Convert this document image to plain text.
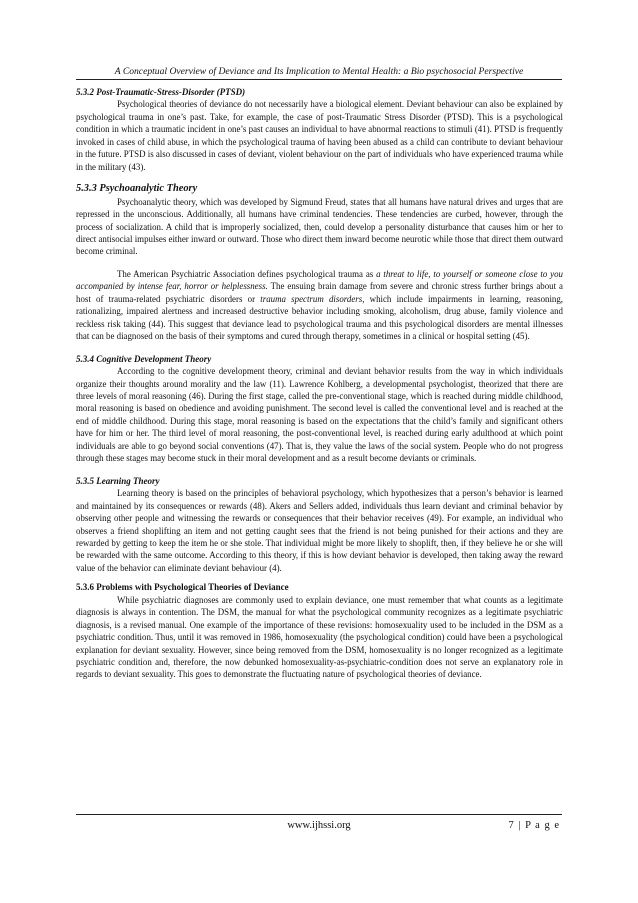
A Conceptual Overview of Deviance and Its Implication to Mental Health: a Bio psychosocial Perspective

5.3.2 Post-Traumatic-Stress-Disorder (PTSD)

Psychological theories of deviance do not necessarily have a biological element. Deviant behaviour can also be explained by psychological trauma in one’s past. Take, for example, the case of post-Traumatic Stress Disorder (PTSD). This is a psychological condition in which a traumatic incident in one’s past causes an individual to have abnormal reactions to stimuli (41). PTSD is frequently invoked in cases of child abuse, in which the psychological trauma of having been abused as a child can contribute to deviant behaviour in the future. PTSD is also discussed in cases of deviant, violent behaviour on the part of individuals who have experienced trauma while in the military (43).

5.3.3 Psychoanalytic Theory

Psychoanalytic theory, which was developed by Sigmund Freud, states that all humans have natural drives and urges that are repressed in the unconscious. Additionally, all humans have criminal tendencies. These tendencies are curbed, however, through the process of socialization. A child that is improperly socialized, then, could develop a personality disturbance that causes him or her to direct antisocial impulses either inward or outward. Those who direct them inward become neurotic while those that direct them outward become criminal.

The American Psychiatric Association defines psychological trauma as a threat to life, to yourself or someone close to you accompanied by intense fear, horror or helplessness. The ensuing brain damage from severe and chronic stress further brings about a host of trauma-related psychiatric disorders or trauma spectrum disorders, which include impairments in learning, reasoning, rationalizing, impaired alertness and increased destructive behavior including smoking, alcoholism, drug abuse, family violence and reckless risk taking (44). This suggest that deviance lead to psychological trauma and this psychological disorders are mental illnesses that can be diagnosed on the basis of their symptoms and cured through therapy, sometimes in a clinical or hospital setting (45).

5.3.4 Cognitive Development Theory

According to the cognitive development theory, criminal and deviant behavior results from the way in which individuals organize their thoughts around morality and the law (11). Lawrence Kohlberg, a developmental psychologist, theorized that there are three levels of moral reasoning (46). During the first stage, called the pre-conventional stage, which is reached during middle childhood, moral reasoning is based on obedience and avoiding punishment. The second level is called the conventional level and is reached at the end of middle childhood. During this stage, moral reasoning is based on the expectations that the child’s family and significant others have for him or her. The third level of moral reasoning, the post-conventional level, is reached during early adulthood at which point individuals are able to go beyond social conventions (47). That is, they value the laws of the social system. People who do not progress through these stages may become stuck in their moral development and as a result become deviants or criminals.

5.3.5 Learning Theory

Learning theory is based on the principles of behavioral psychology, which hypothesizes that a person’s behavior is learned and maintained by its consequences or rewards (48). Akers and Sellers added, individuals thus learn deviant and criminal behavior by observing other people and witnessing the rewards or consequences that their behavior receives (49). For example, an individual who observes a friend shoplifting an item and not getting caught sees that the friend is not being punished for their actions and they are rewarded by getting to keep the item he or she stole. That individual might be more likely to shoplift, then, if they believe he or she will be rewarded with the same outcome. According to this theory, if this is how deviant behavior is developed, then taking away the reward value of the behavior can eliminate deviant behaviour (4).

5.3.6 Problems with Psychological Theories of Deviance

While psychiatric diagnoses are commonly used to explain deviance, one must remember that what counts as a legitimate diagnosis is always in contention. The DSM, the manual for what the psychological community recognizes as a legitimate psychiatric diagnosis, is a revised manual. One example of the importance of these revisions: homosexuality used to be included in the DSM as a psychiatric condition. Thus, until it was removed in 1986, homosexuality (the psychological condition) could have been a psychological explanation for deviant sexuality. However, since being removed from the DSM, homosexuality is no longer recognized as a legitimate psychiatric condition and, therefore, the now debunked homosexuality-as-psychiatric-condition does not serve an explanatory role in regards to deviant sexuality. This goes to demonstrate the fluctuating nature of psychological theories of deviance.

www.ijhssi.org	7 | P a g e
